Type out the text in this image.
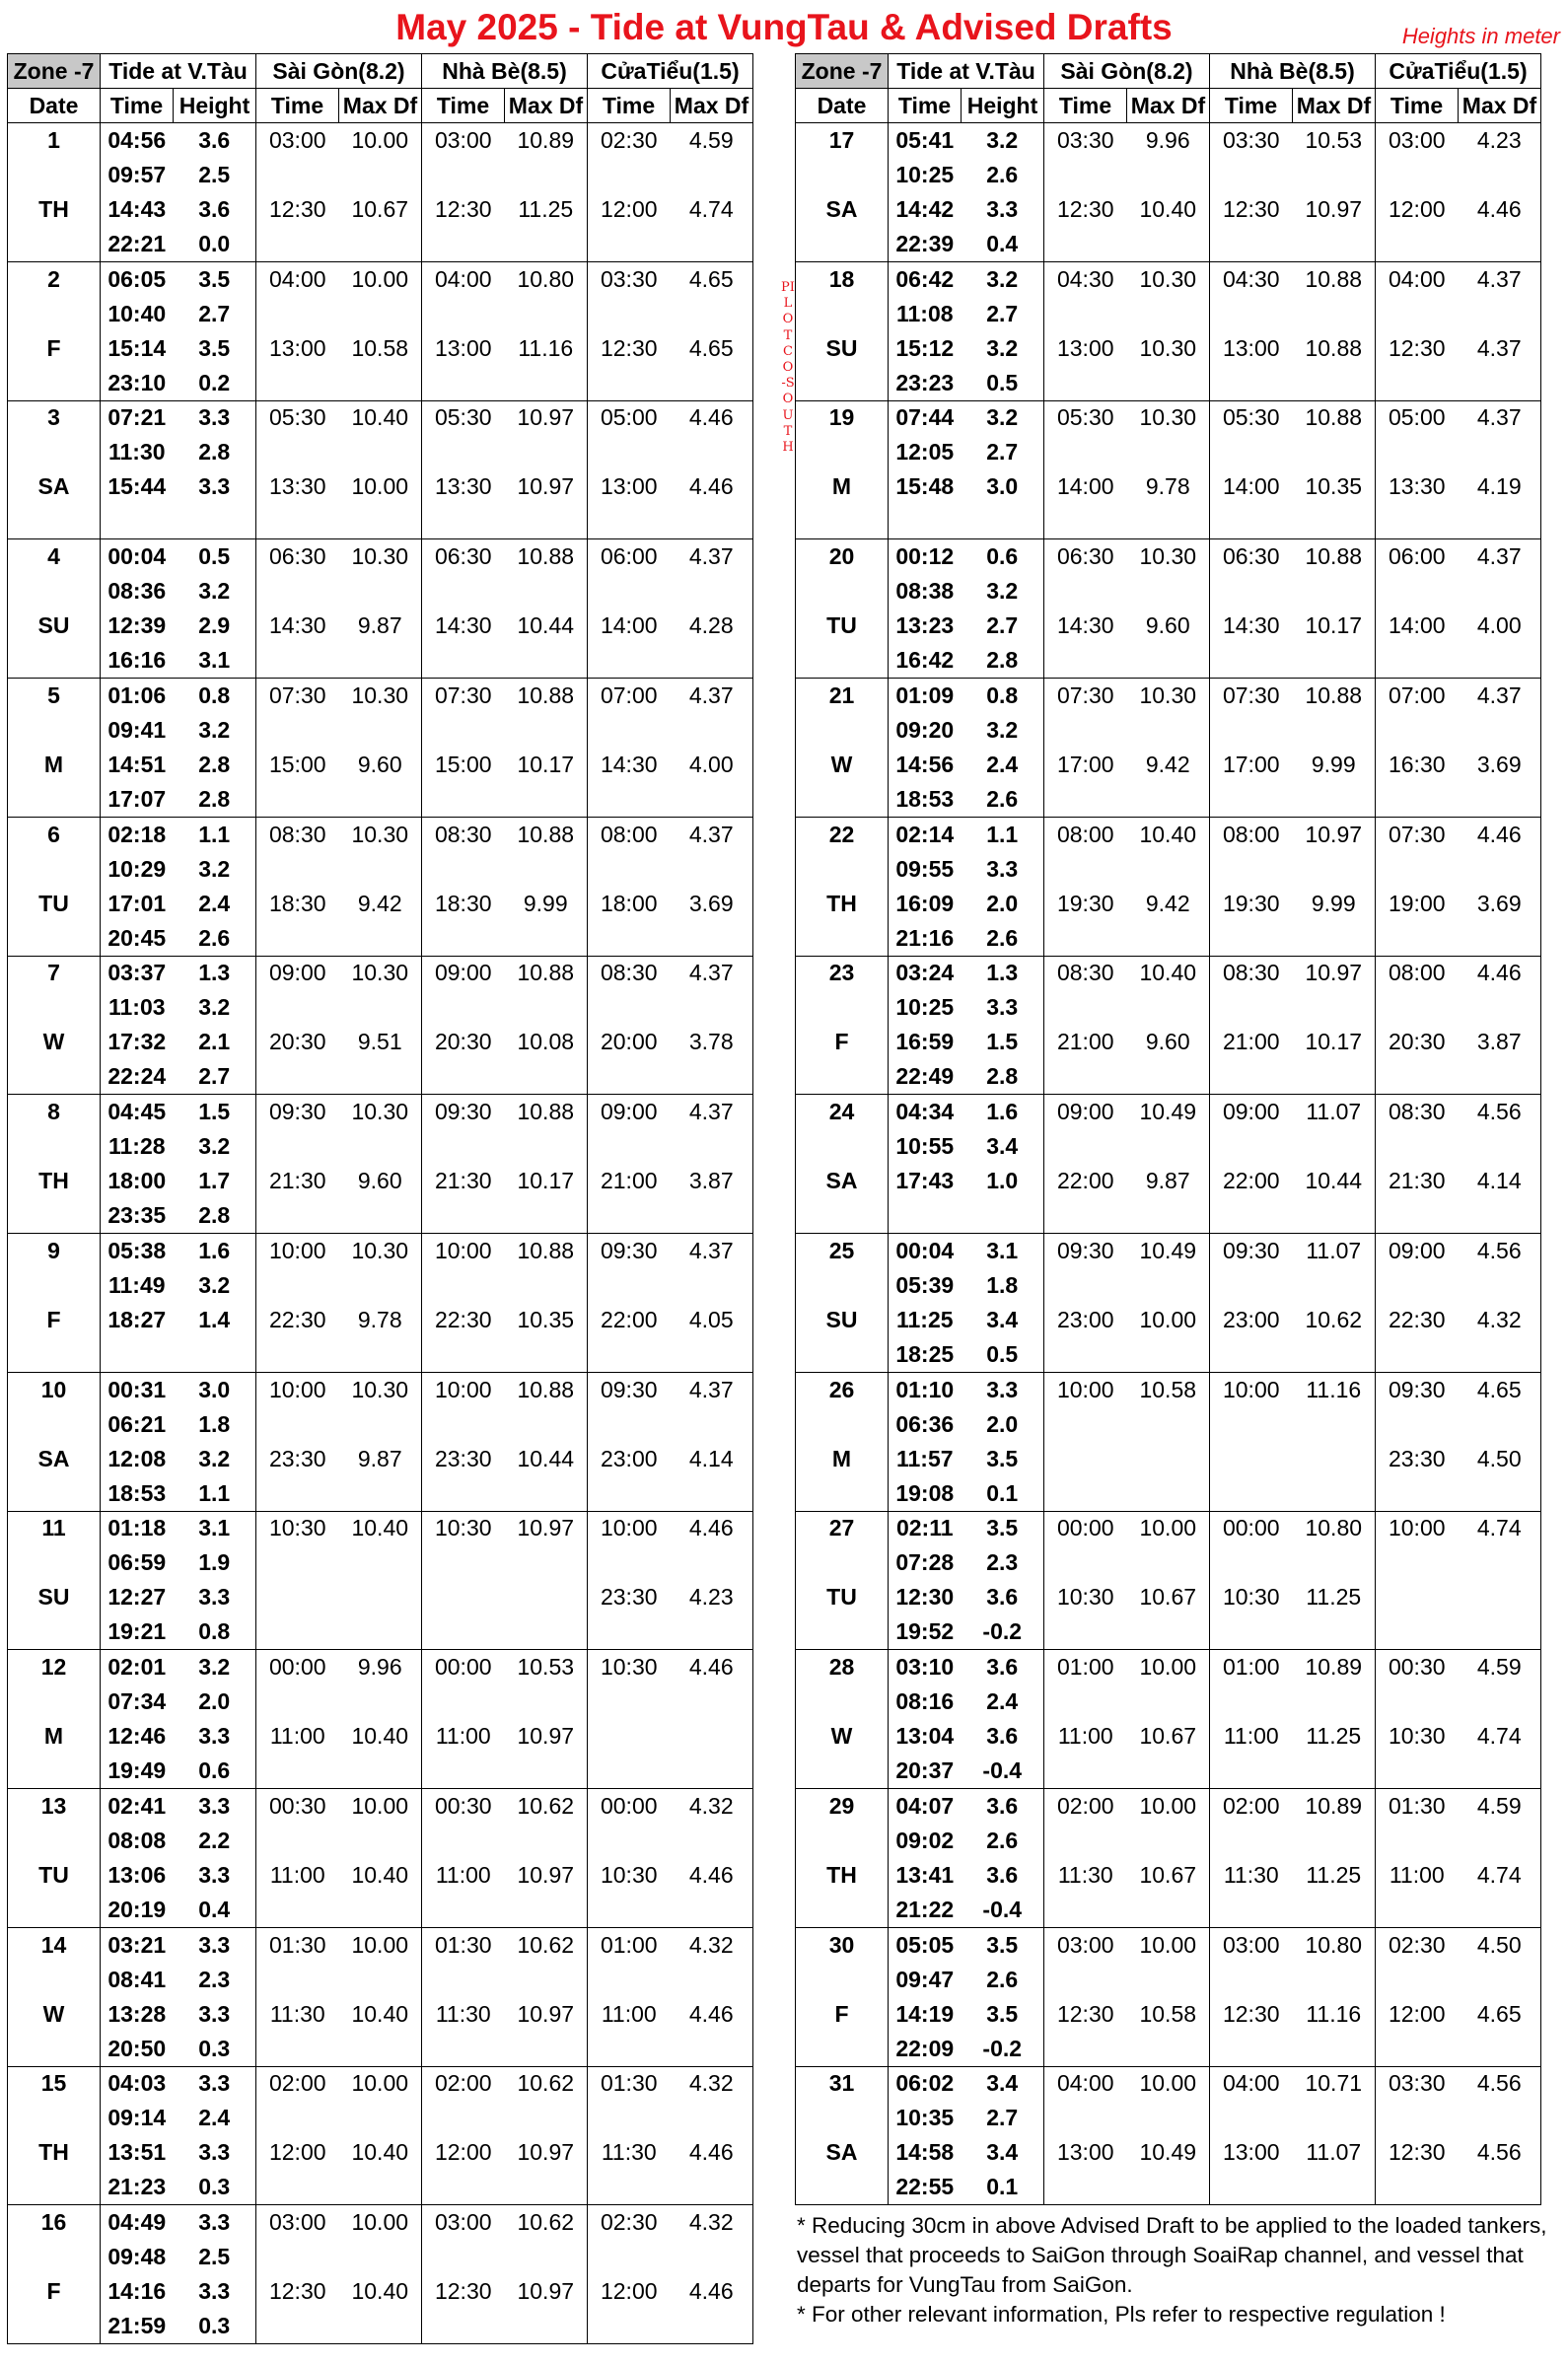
May 2025 - Tide at VungTau & Advised Drafts	Heights in meter
Zone -7	Tide at V.Tàu		Sài Gòn(8.2)		Nhà Bè(8.5)		CửaTiểu(1.5)	
Date	Time	Height	Time	Max Df	Time	Max Df	Time	Max Df
1	04:56	3.6	03:00	10.00	03:00	10.89	02:30	4.59
	09:57	2.5						
TH	14:43	3.6	12:30	10.67	12:30	11.25	12:00	4.74
	22:21	0.0						
2	06:05	3.5	04:00	10.00	04:00	10.80	03:30	4.65
	10:40	2.7						
F	15:14	3.5	13:00	10.58	13:00	11.16	12:30	4.65
	23:10	0.2						
3	07:21	3.3	05:30	10.40	05:30	10.97	05:00	4.46
	11:30	2.8						
SA	15:44	3.3	13:30	10.00	13:30	10.97	13:00	4.46

4	00:04	0.5	06:30	10.30	06:30	10.88	06:00	4.37
	08:36	3.2						
SU	12:39	2.9	14:30	9.87	14:30	10.44	14:00	4.28
	16:16	3.1						
5	01:06	0.8	07:30	10.30	07:30	10.88	07:00	4.37
	09:41	3.2						
M	14:51	2.8	15:00	9.60	15:00	10.17	14:30	4.00
	17:07	2.8						
6	02:18	1.1	08:30	10.30	08:30	10.88	08:00	4.37
	10:29	3.2						
TU	17:01	2.4	18:30	9.42	18:30	9.99	18:00	3.69
	20:45	2.6						
7	03:37	1.3	09:00	10.30	09:00	10.88	08:30	4.37
	11:03	3.2						
W	17:32	2.1	20:30	9.51	20:30	10.08	20:00	3.78
	22:24	2.7						
8	04:45	1.5	09:30	10.30	09:30	10.88	09:00	4.37
	11:28	3.2						
TH	18:00	1.7	21:30	9.60	21:30	10.17	21:00	3.87
	23:35	2.8						
9	05:38	1.6	10:00	10.30	10:00	10.88	09:30	4.37
	11:49	3.2						
F	18:27	1.4	22:30	9.78	22:30	10.35	22:00	4.05

10	00:31	3.0	10:00	10.30	10:00	10.88	09:30	4.37
	06:21	1.8						
SA	12:08	3.2	23:30	9.87	23:30	10.44	23:00	4.14
	18:53	1.1						
11	01:18	3.1	10:30	10.40	10:30	10.97	10:00	4.46
	06:59	1.9						
SU	12:27	3.3					23:30	4.23
	19:21	0.8						
12	02:01	3.2	00:00	9.96	00:00	10.53	10:30	4.46
	07:34	2.0						
M	12:46	3.3	11:00	10.40	11:00	10.97		
	19:49	0.6						
13	02:41	3.3	00:30	10.00	00:30	10.62	00:00	4.32
	08:08	2.2						
TU	13:06	3.3	11:00	10.40	11:00	10.97	10:30	4.46
	20:19	0.4						
14	03:21	3.3	01:30	10.00	01:30	10.62	01:00	4.32
	08:41	2.3						
W	13:28	3.3	11:30	10.40	11:30	10.97	11:00	4.46
	20:50	0.3						
15	04:03	3.3	02:00	10.00	02:00	10.62	01:30	4.32
	09:14	2.4						
TH	13:51	3.3	12:00	10.40	12:00	10.97	11:30	4.46
	21:23	0.3						
16	04:49	3.3	03:00	10.00	03:00	10.62	02:30	4.32
	09:48	2.5						
F	14:16	3.3	12:30	10.40	12:30	10.97	12:00	4.46
	21:59	0.3						
Zone -7	Tide at V.Tàu		Sài Gòn(8.2)		Nhà Bè(8.5)		CửaTiểu(1.5)	
Date	Time	Height	Time	Max Df	Time	Max Df	Time	Max Df
17	05:41	3.2	03:30	9.96	03:30	10.53	03:00	4.23
	10:25	2.6						
SA	14:42	3.3	12:30	10.40	12:30	10.97	12:00	4.46
	22:39	0.4						
18	06:42	3.2	04:30	10.30	04:30	10.88	04:00	4.37
	11:08	2.7						
SU	15:12	3.2	13:00	10.30	13:00	10.88	12:30	4.37
	23:23	0.5						
19	07:44	3.2	05:30	10.30	05:30	10.88	05:00	4.37
	12:05	2.7						
M	15:48	3.0	14:00	9.78	14:00	10.35	13:30	4.19

20	00:12	0.6	06:30	10.30	06:30	10.88	06:00	4.37
	08:38	3.2						
TU	13:23	2.7	14:30	9.60	14:30	10.17	14:00	4.00
	16:42	2.8						
21	01:09	0.8	07:30	10.30	07:30	10.88	07:00	4.37
	09:20	3.2						
W	14:56	2.4	17:00	9.42	17:00	9.99	16:30	3.69
	18:53	2.6						
22	02:14	1.1	08:00	10.40	08:00	10.97	07:30	4.46
	09:55	3.3						
TH	16:09	2.0	19:30	9.42	19:30	9.99	19:00	3.69
	21:16	2.6						
23	03:24	1.3	08:30	10.40	08:30	10.97	08:00	4.46
	10:25	3.3						
F	16:59	1.5	21:00	9.60	21:00	10.17	20:30	3.87
	22:49	2.8						
24	04:34	1.6	09:00	10.49	09:00	11.07	08:30	4.56
	10:55	3.4						
SA	17:43	1.0	22:00	9.87	22:00	10.44	21:30	4.14

25	00:04	3.1	09:30	10.49	09:30	11.07	09:00	4.56
	05:39	1.8						
SU	11:25	3.4	23:00	10.00	23:00	10.62	22:30	4.32
	18:25	0.5						
26	01:10	3.3	10:00	10.58	10:00	11.16	09:30	4.65
	06:36	2.0						
M	11:57	3.5					23:30	4.50
	19:08	0.1						
27	02:11	3.5	00:00	10.00	00:00	10.80	10:00	4.74
	07:28	2.3						
TU	12:30	3.6	10:30	10.67	10:30	11.25		
	19:52	-0.2						
28	03:10	3.6	01:00	10.00	01:00	10.89	00:30	4.59
	08:16	2.4						
W	13:04	3.6	11:00	10.67	11:00	11.25	10:30	4.74
	20:37	-0.4						
29	04:07	3.6	02:00	10.00	02:00	10.89	01:30	4.59
	09:02	2.6						
TH	13:41	3.6	11:30	10.67	11:30	11.25	11:00	4.74
	21:22	-0.4						
30	05:05	3.5	03:00	10.00	03:00	10.80	02:30	4.50
	09:47	2.6						
F	14:19	3.5	12:30	10.58	12:30	11.16	12:00	4.65
	22:09	-0.2						
31	06:02	3.4	04:00	10.00	04:00	10.71	03:30	4.56
	10:35	2.7						
SA	14:58	3.4	13:00	10.49	13:00	11.07	12:30	4.56
	22:55	0.1						
PILOTCO-SOUTH

* Reducing 30cm in above Advised Draft to be applied to the loaded tankers, vessel that proceeds to SaiGon through SoaiRap channel, and vessel that departs for VungTau from SaiGon.

* For other relevant information, Pls refer to respective regulation !
